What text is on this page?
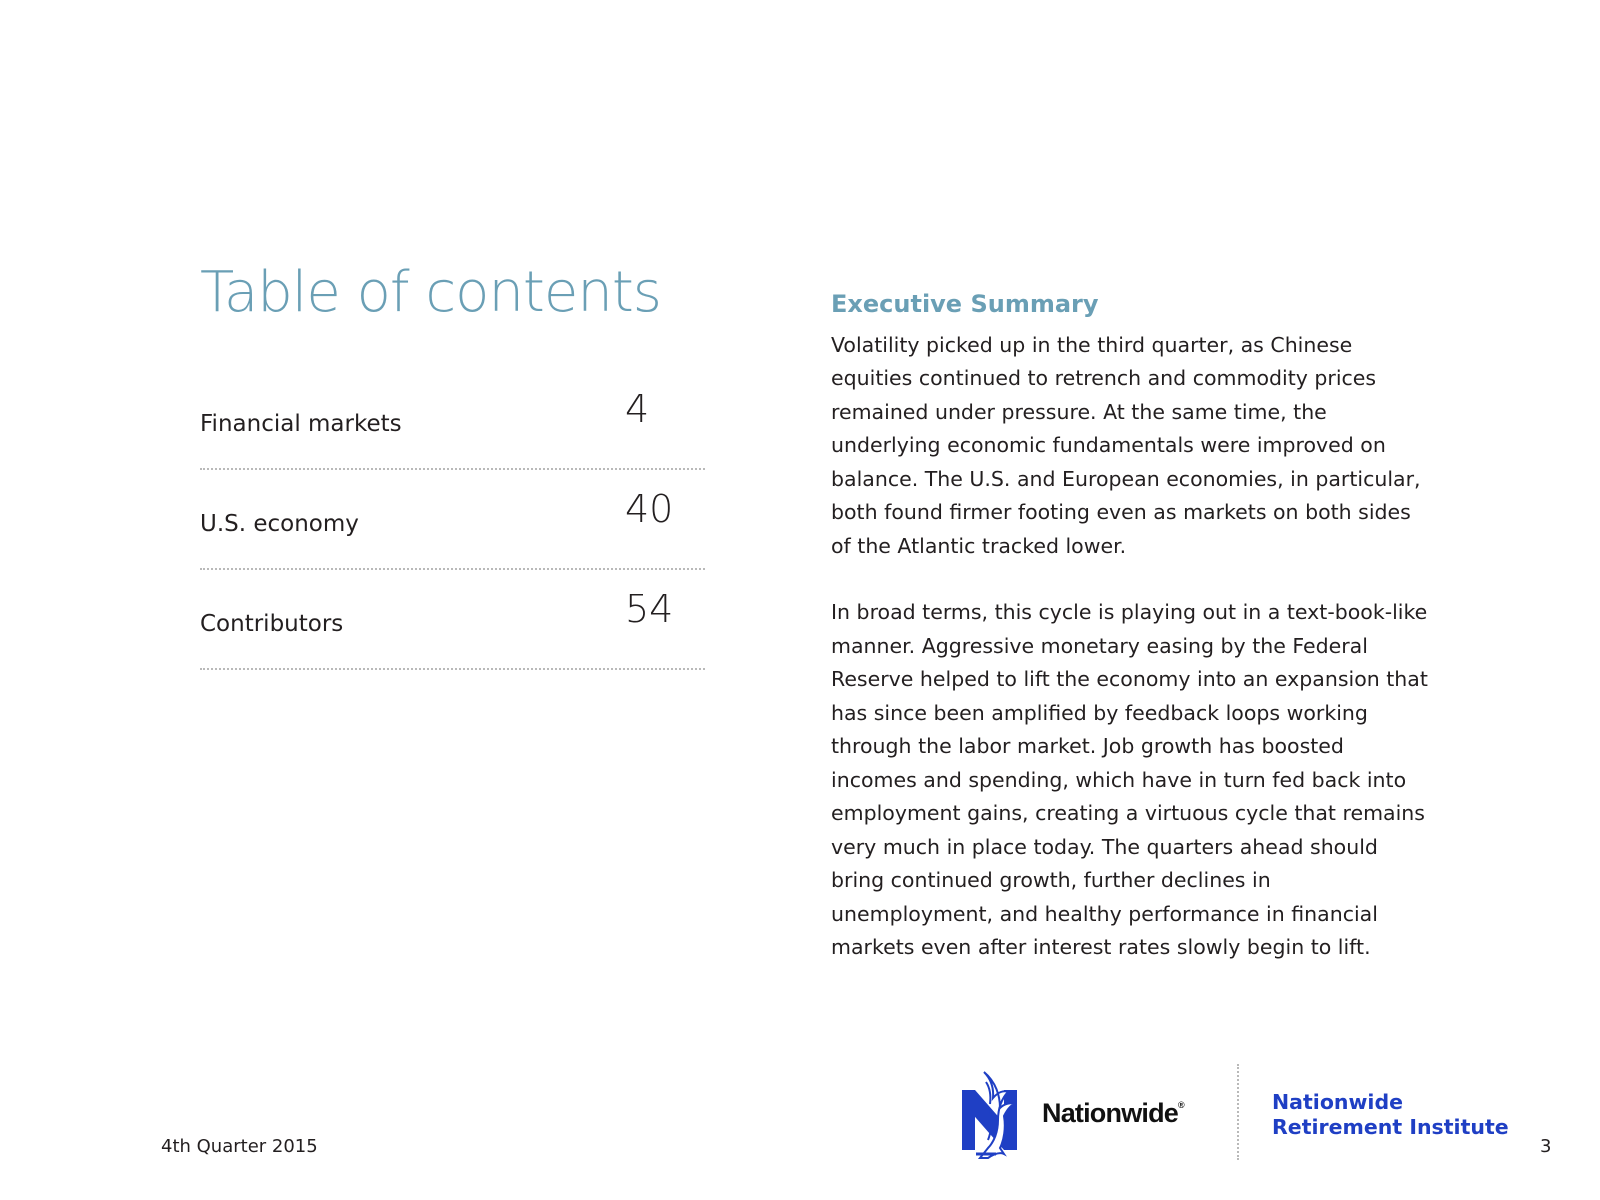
Table of contents
Financial markets	4
U.S. economy	40
Contributors	54
Executive Summary

Volatility picked up in the third quarter, as Chinese equities continued to retrench and commodity prices remained under pressure. At the same time, the underlying economic fundamentals were improved on balance. The U.S. and European economies, in particular, both found firmer footing even as markets on both sides of the Atlantic tracked lower.

In broad terms, this cycle is playing out in a text-book-like manner. Aggressive monetary easing by the Federal Reserve helped to lift the economy into an expansion that has since been amplified by feedback loops working through the labor market. Job growth has boosted incomes and spending, which have in turn fed back into employment gains, creating a virtuous cycle that remains very much in place today. The quarters ahead should bring continued growth, further declines in unemployment, and healthy performance in financial markets even after interest rates slowly begin to lift.

4th Quarter 2015
Nationwide®	Nationwide
Retirement Institute
3
